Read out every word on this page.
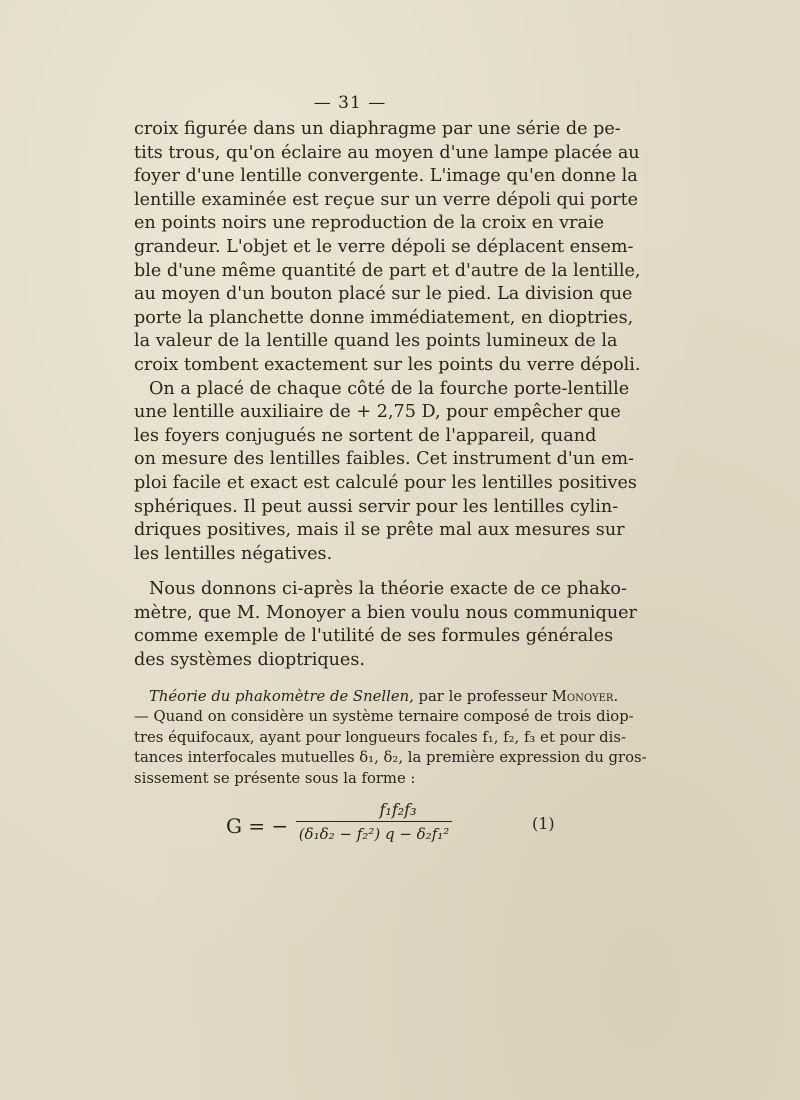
— 31 —
croix figurée dans un diaphragme par une série de pe-
tits trous, qu'on éclaire au moyen d'une lampe placée au
foyer d'une lentille convergente. L'image qu'en donne la
lentille examinée est reçue sur un verre dépoli qui porte
en points noirs une reproduction de la croix en vraie
grandeur. L'objet et le verre dépoli se déplacent ensem-
ble d'une même quantité de part et d'autre de la lentille,
au moyen d'un bouton placé sur le pied. La division que
porte la planchette donne immédiatement, en dioptries,
la valeur de la lentille quand les points lumineux de la
croix tombent exactement sur les points du verre dépoli.
On a placé de chaque côté de la fourche porte-lentille
une lentille auxiliaire de + 2,75 D, pour empêcher que
les foyers conjugués ne sortent de l'appareil, quand
on mesure des lentilles faibles. Cet instrument d'un em-
ploi facile et exact est calculé pour les lentilles positives
sphériques. Il peut aussi servir pour les lentilles cylin-
driques positives, mais il se prête mal aux mesures sur
les lentilles négatives.
Nous donnons ci-après la théorie exacte de ce phako-
mètre, que M. Monoyer a bien voulu nous communiquer
comme exemple de l'utilité de ses formules générales
des systèmes dioptriques.
Théorie du phakomètre de Snellen, par le professeur Monoyer.
— Quand on considère un système ternaire composé de trois diop-
tres équifocaux, ayant pour longueurs focales f₁, f₂, f₃ et pour dis-
tances interfocales mutuelles δ₁, δ₂, la première expression du gros-
sissement se présente sous la forme :
G = −
f₁f₂f₃
(δ₁δ₂ − f₂²) q − δ₂f₁²
(1)
